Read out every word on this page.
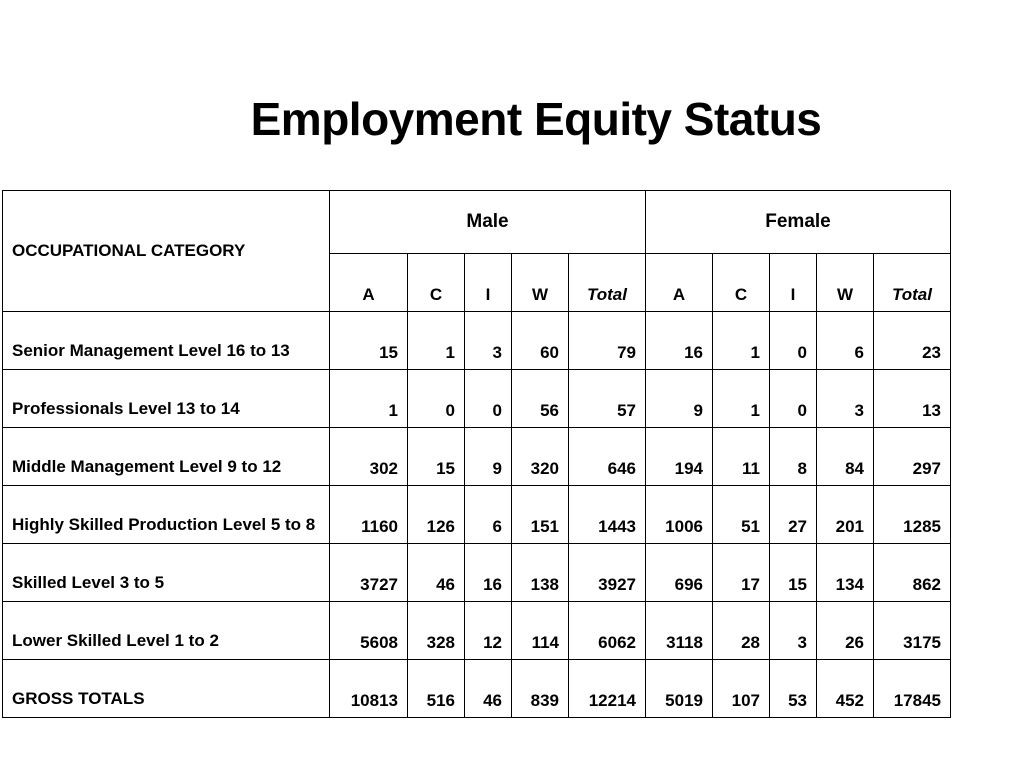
Employment Equity Status
OCCUPATIONAL CATEGORY	Male					Female				
	A	C	I	W	Total	A	C	I	W	Total

Senior Management Level 16 to 13	15	1	3	60	79	16	1	0	6	23

Professionals Level 13 to 14	1	0	0	56	57	9	1	0	3	13

Middle Management Level 9 to 12	302	15	9	320	646	194	11	8	84	297

Highly Skilled Production Level 5 to 8	1160	126	6	151	1443	1006	51	27	201	1285

Skilled Level 3 to 5	3727	46	16	138	3927	696	17	15	134	862

Lower Skilled Level 1 to 2	5608	328	12	114	6062	3118	28	3	26	3175

GROSS TOTALS	10813	516	46	839	12214	5019	107	53	452	17845
